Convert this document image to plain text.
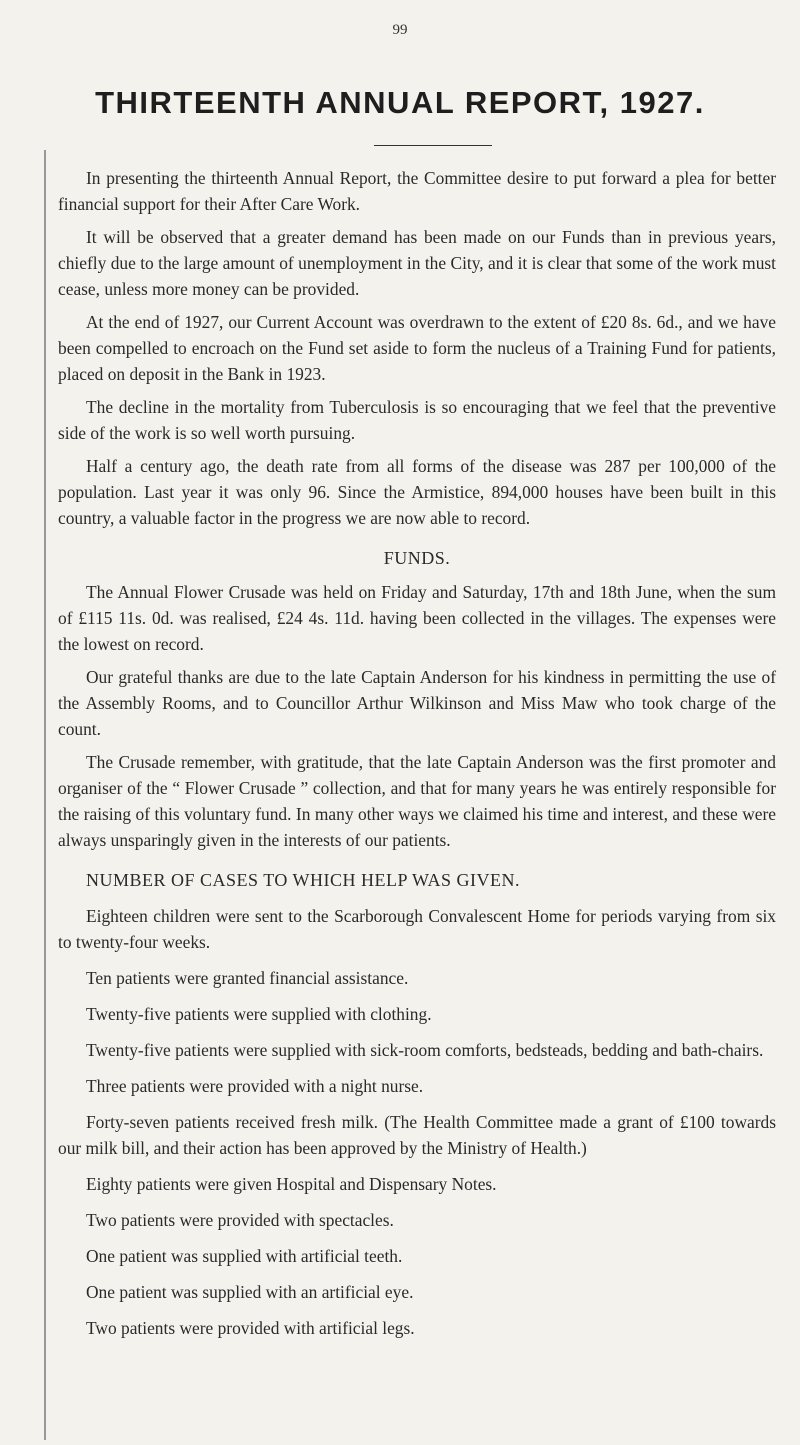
99
THIRTEENTH ANNUAL REPORT, 1927.

In presenting the thirteenth Annual Report, the Committee desire to put forward a plea for better financial support for their After Care Work.

It will be observed that a greater demand has been made on our Funds than in previous years, chiefly due to the large amount of unemployment in the City, and it is clear that some of the work must cease, unless more money can be provided.

At the end of 1927, our Current Account was overdrawn to the extent of £20 8s. 6d., and we have been compelled to encroach on the Fund set aside to form the nucleus of a Training Fund for patients, placed on deposit in the Bank in 1923.

The decline in the mortality from Tuberculosis is so encouraging that we feel that the preventive side of the work is so well worth pursuing.

Half a century ago, the death rate from all forms of the disease was 287 per 100,000 of the population. Last year it was only 96. Since the Armistice, 894,000 houses have been built in this country, a valuable factor in the progress we are now able to record.

FUNDS.

The Annual Flower Crusade was held on Friday and Saturday, 17th and 18th June, when the sum of £115 11s. 0d. was realised, £24 4s. 11d. having been collected in the villages. The expenses were the lowest on record.

Our grateful thanks are due to the late Captain Anderson for his kindness in permitting the use of the Assembly Rooms, and to Councillor Arthur Wilkinson and Miss Maw who took charge of the count.

The Crusade remember, with gratitude, that the late Captain Anderson was the first promoter and organiser of the “ Flower Crusade ” collection, and that for many years he was entirely responsible for the raising of this voluntary fund. In many other ways we claimed his time and interest, and these were always unsparingly given in the interests of our patients.

NUMBER OF CASES TO WHICH HELP WAS GIVEN.

Eighteen children were sent to the Scarborough Convalescent Home for periods varying from six to twenty-four weeks.

Ten patients were granted financial assistance.

Twenty-five patients were supplied with clothing.

Twenty-five patients were supplied with sick-room comforts, bedsteads, bedding and bath-chairs.

Three patients were provided with a night nurse.

Forty-seven patients received fresh milk. (The Health Committee made a grant of £100 towards our milk bill, and their action has been approved by the Ministry of Health.)

Eighty patients were given Hospital and Dispensary Notes.

Two patients were provided with spectacles.

One patient was supplied with artificial teeth.

One patient was supplied with an artificial eye.

Two patients were provided with artificial legs.
